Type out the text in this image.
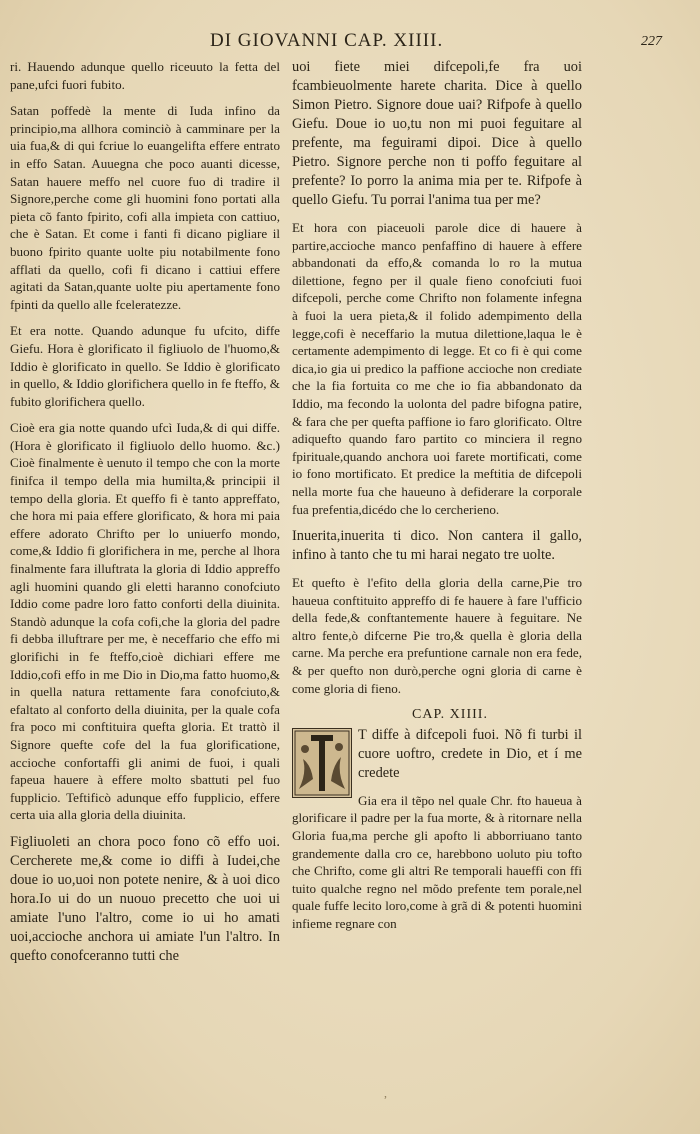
DI GIOVANNI CAP. XIIII.	227

ri. Hauendo adunque quello riceuuto la fetta del pane,ufci fuori fubito.

Satan poffedè la mente di Iuda infino da principio,ma allhora cominciò à camminare per la uia fua,& di qui fcriue lo euangelifta effere entrato in effo Satan. Auuegna che poco auanti dicesse, Satan hauere meffo nel cuore fuo di tradire il Signore,perche come gli huomini fono portati alla pieta cõ fanto fpirito, cofi alla impieta con cattiuo, che è Satan. Et come i fanti fi dicano pigliare il buono fpirito quante uolte piu notabilmente fono afflati da quello, cofi fi dicano i cattiui effere agitati da Satan,quante uolte piu apertamente fono fpinti da quello alle fceleratezze.

Et era notte. Quando adunque fu ufcito, diffe Giefu. Hora è glorificato il figliuolo de l'huomo,& Iddio è glorificato in quello. Se Iddio è glorificato in quello, & Iddio glorifichera quello in fe fteffo, & fubito glorifichera quello.

Cioè era gia notte quando ufcì Iuda,& di qui diffe. (Hora è glorificato il figliuolo dello huomo. &c.) Cioè finalmente è uenuto il tempo che con la morte finifca il tempo della mia humilta,& principii il tempo della gloria. Et queffo fi è tanto appreffato, che hora mi paia effere glorificato, & hora mi paia effere adorato Chrifto per lo uniuerfo mondo, come,& Iddio fi glorifichera in me, perche al lhora finalmente fara illuftrata la gloria di Iddio appreffo agli huomini quando gli eletti haranno conofciuto Iddio come padre loro fatto conforti della diuinita. Standò adunque la cofa cofi,che la gloria del padre fi debba illuftrare per me, è neceffario che effo mi glorifichi in fe fteffo,cioè dichiari effere me Iddio,cofi effo in me Dio in Dio,ma fatto huomo,& in quella natura rettamente fara conofciuto,& efaltato al conforto della diuinita, per la quale cofa fra poco mi conftituira quefta gloria. Et trattò il Signore quefte cofe del la fua glorificatione, accioche confortaffi gli animi de fuoi, i quali fapeua hauere à effere molto sbattuti pel fuo fupplicio. Teftificò adunque effo fupplicio, effere certa uia alla gloria della diuinita.

Figliuoleti an chora poco fono cõ effo uoi. Cercherete me,& come io diffi à Iudei,che doue io uo,uoi non potete nenire, & à uoi dico hora.Io ui do un nuouo precetto che uoi ui amiate l'uno l'altro, come io ui ho amati uoi,accioche anchora ui amiate l'un l'altro. In quefto conofceranno tutti che

uoi fiete miei difcepoli,fe fra uoi fcambieuolmente harete charita. Dice à quello Simon Pietro. Signore doue uai? Rifpofe à quello Giefu. Doue io uo,tu non mi puoi feguitare al prefente, ma feguirami dipoi. Dice à quello Pietro. Signore perche non ti poffo feguitare al prefente? Io porro la anima mia per te. Rifpofe à quello Giefu. Tu porrai l'anima tua per me?

Et hora con piaceuoli parole dice di hauere à partire,accioche manco penfaffino di hauere à effere abbandonati da effo,& comanda lo ro la mutua dilettione, fegno per il quale fieno conofciuti fuoi difcepoli, perche come Chrifto non folamente infegna à fuoi la uera pieta,& il folido adempimento della legge,cofi è neceffario la mutua dilettione,laqua le è certamente adempimento di legge. Et co fi è qui come dica,io gia ui predico la paffione accioche non crediate che la fia fortuita co me che io fia abbandonato da Iddio, ma fecondo la uolonta del padre bifogna patire, & fara che per quefta paffione io faro glorificato. Oltre adiquefto quando faro partito co minciera il regno fpirituale,quando anchora uoi farete mortificati, come io fono mortificato. Et predice la meftitia de difcepoli nella morte fua che haueuno à defiderare la corporale fua prefentia,dicédo che lo cercherieno.

Inuerita,inuerita ti dico. Non cantera il gallo, infino à tanto che tu mi harai negato tre uolte.

Et quefto è l'efito della gloria della carne,Pie tro haueua conftituito appreffo di fe hauere à fare l'ufficio della fede,& conftantemente hauere à feguitare. Ne altro fente,ò difcerne Pie tro,& quella è gloria della carne. Ma perche era prefuntione carnale non era fede, & per quefto non durò,perche ogni gloria di carne è come gloria di fieno.

CAP. XIIII.

T diffe à difcepoli fuoi. Nõ fi turbi il cuore uoftro, credete in Dio, et í me credete

Gia era il tẽpo nel quale Chr. fto haueua à glorificare il padre per la fua morte, & à ritornare nella Gloria fua,ma perche gli apofto li abborriuano tanto grandemente dalla cro ce, harebbono uoluto piu tofto che Chrifto, come gli altri Re temporali haueffi con ffi tuito qualche regno nel mõdo prefente tem porale,nel quale fuffe lecito loro,come à grã di & potenti huomini infieme regnare con

,
